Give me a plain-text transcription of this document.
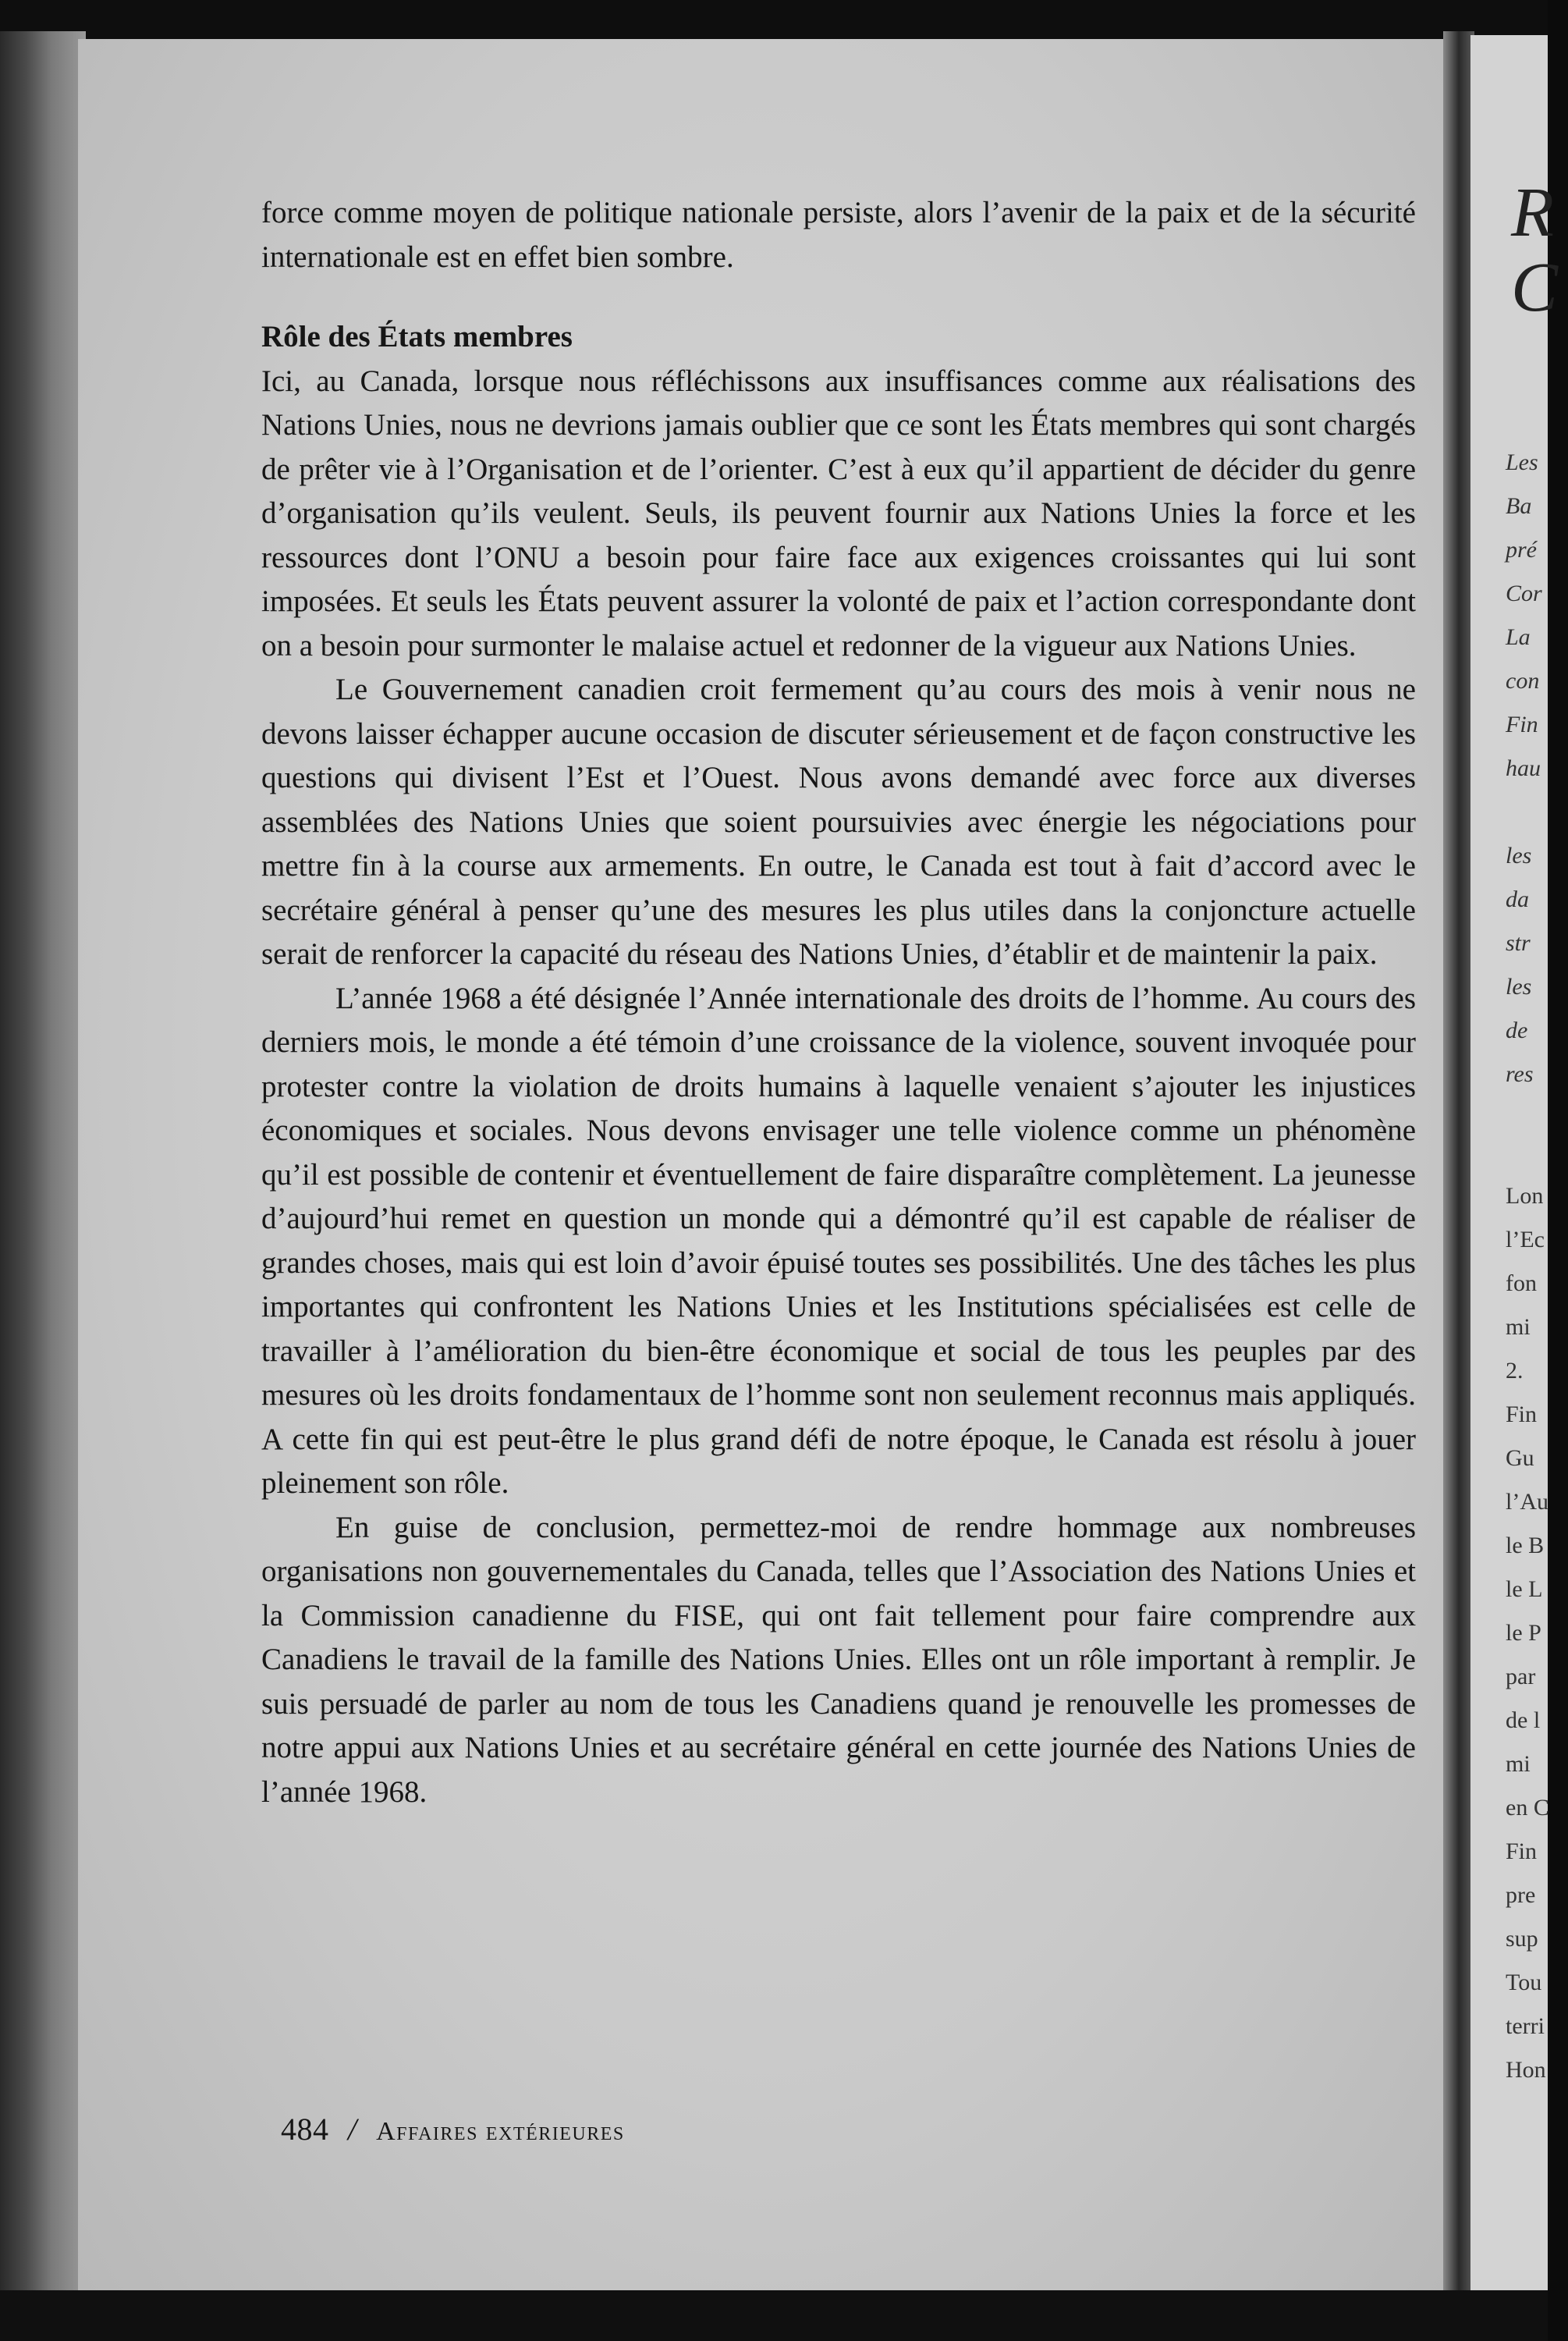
R
C
Les
Ba
pré
Cor
La
con
Fin
hau

les
da
str
les
de
res
Lon
l’Ec
fon
mi
2.
Fin
Gu
l’Au
le B
le L
le P
par
de l
mi
en C
Fin
pre
sup
Tou
terri
Hon

force comme moyen de politique nationale persiste, alors l’avenir de la paix et de la sécurité internationale est en effet bien sombre.

Rôle des États membres

Ici, au Canada, lorsque nous réfléchissons aux insuffisances comme aux réalisations des Nations Unies, nous ne devrions jamais oublier que ce sont les États membres qui sont chargés de prêter vie à l’Organisation et de l’orienter. C’est à eux qu’il appartient de décider du genre d’organisation qu’ils veulent. Seuls, ils peuvent fournir aux Nations Unies la force et les ressources dont l’ONU a besoin pour faire face aux exigences croissantes qui lui sont imposées. Et seuls les États peuvent assurer la volonté de paix et l’action correspondante dont on a besoin pour surmonter le malaise actuel et redonner de la vigueur aux Nations Unies.

Le Gouvernement canadien croit fermement qu’au cours des mois à venir nous ne devons laisser échapper aucune occasion de discuter sérieusement et de façon constructive les questions qui divisent l’Est et l’Ouest. Nous avons demandé avec force aux diverses assemblées des Nations Unies que soient poursuivies avec énergie les négociations pour mettre fin à la course aux armements. En outre, le Canada est tout à fait d’accord avec le secrétaire général à penser qu’une des mesures les plus utiles dans la conjoncture actuelle serait de renforcer la capacité du réseau des Nations Unies, d’établir et de maintenir la paix.

L’année 1968 a été désignée l’Année internationale des droits de l’homme. Au cours des derniers mois, le monde a été témoin d’une croissance de la violence, souvent invoquée pour protester contre la violation de droits humains à laquelle venaient s’ajouter les injustices économiques et sociales. Nous devons envisager une telle violence comme un phénomène qu’il est possible de contenir et éventuellement de faire disparaître complètement. La jeunesse d’aujourd’hui remet en question un monde qui a démontré qu’il est capable de réaliser de grandes choses, mais qui est loin d’avoir épuisé toutes ses possibilités. Une des tâches les plus importantes qui confrontent les Nations Unies et les Institutions spécialisées est celle de travailler à l’amélioration du bien-être économique et social de tous les peuples par des mesures où les droits fondamentaux de l’homme sont non seulement reconnus mais appliqués. A cette fin qui est peut-être le plus grand défi de notre époque, le Canada est résolu à jouer pleinement son rôle.

En guise de conclusion, permettez-moi de rendre hommage aux nombreuses organisations non gouvernementales du Canada, telles que l’Association des Nations Unies et la Commission canadienne du FISE, qui ont fait tellement pour faire comprendre aux Canadiens le travail de la famille des Nations Unies. Elles ont un rôle important à remplir. Je suis persuadé de parler au nom de tous les Canadiens quand je renouvelle les promesses de notre appui aux Nations Unies et au secrétaire général en cette journée des Nations Unies de l’année 1968.

484 / Affaires extérieures
